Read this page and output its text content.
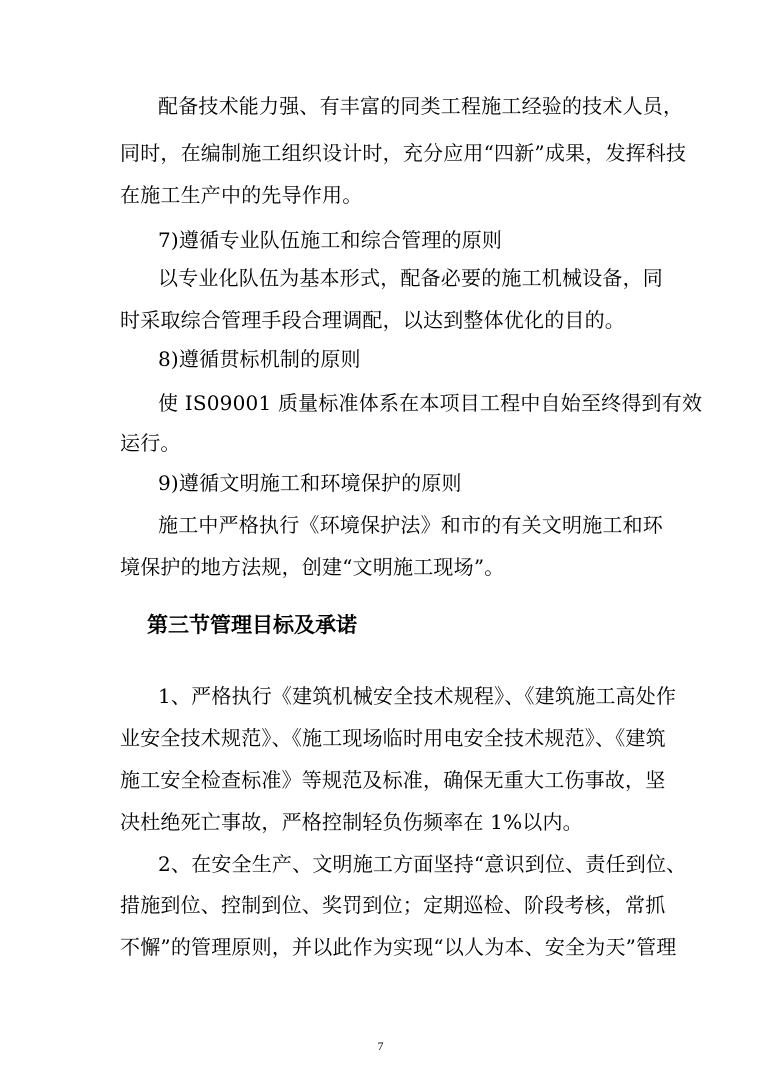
配备技术能力强、有丰富的同类工程施工经验的技术人员，
同时，在编制施工组织设计时，充分应用“四新”成果，发挥科技
在施工生产中的先导作用。
7)遵循专业队伍施工和综合管理的原则
以专业化队伍为基本形式，配备必要的施工机械设备，同
时采取综合管理手段合理调配，以达到整体优化的目的。
8)遵循贯标机制的原则
使 IS09001 质量标准体系在本项目工程中自始至终得到有效
运行。
9)遵循文明施工和环境保护的原则
施工中严格执行《环境保护法》和市的有关文明施工和环
境保护的地方法规，创建“文明施工现场”。
第三节管理目标及承诺
1、严格执行《建筑机械安全技术规程》、《建筑施工高处作
业安全技术规范》、《施工现场临时用电安全技术规范》、《建筑
施工安全检查标准》等规范及标准，确保无重大工伤事故，坚
决杜绝死亡事故，严格控制轻负伤频率在 1%以内。
2、在安全生产、文明施工方面坚持“意识到位、责任到位、
措施到位、控制到位、奖罚到位；定期巡检、阶段考核，常抓
不懈”的管理原则，并以此作为实现“以人为本、安全为天”管理
7
